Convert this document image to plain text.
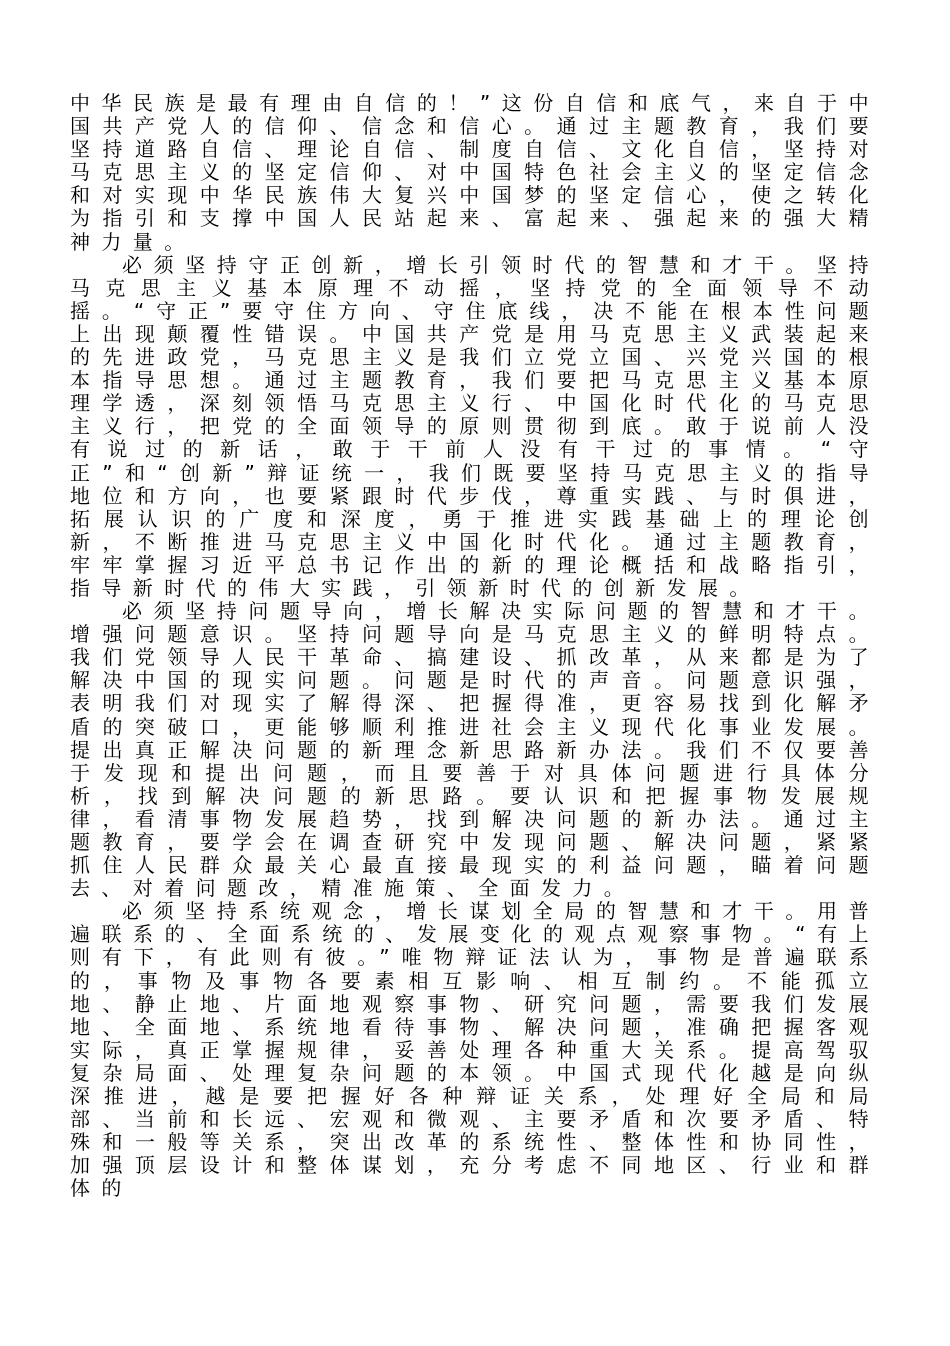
中华民族是最有理由自信的！”这份自信和底气，来自于中国共产党人的信仰、信念和信心。通过主题教育，我们要坚持道路自信、理论自信、制度自信、文化自信，坚持对马克思主义的坚定信仰、对中国特色社会主义的坚定信念和对实现中华民族伟大复兴中国梦的坚定信心，使之转化为指引和支撑中国人民站起来、富起来、强起来的强大精神力量。

必须坚持守正创新，增长引领时代的智慧和才干。坚持马克思主义基本原理不动摇，坚持党的全面领导不动摇。“守正”要守住方向、守住底线，决不能在根本性问题上出现颠覆性错误。中国共产党是用马克思主义武装起来的先进政党，马克思主义是我们立党立国、兴党兴国的根本指导思想。通过主题教育，我们要把马克思主义基本原理学透，深刻领悟马克思主义行、中国化时代化的马克思主义行，把党的全面领导的原则贯彻到底。敢于说前人没有说过的新话，敢于干前人没有干过的事情。“守正”和“创新”辩证统一，我们既要坚持马克思主义的指导地位和方向，也要紧跟时代步伐，尊重实践、与时俱进，拓展认识的广度和深度，勇于推进实践基础上的理论创新，不断推进马克思主义中国化时代化。通过主题教育，牢牢掌握习近平总书记作出的新的理论概括和战略指引，指导新时代的伟大实践，引领新时代的创新发展。

必须坚持问题导向，增长解决实际问题的智慧和才干。增强问题意识。坚持问题导向是马克思主义的鲜明特点。我们党领导人民干革命、搞建设、抓改革，从来都是为了解决中国的现实问题。问题是时代的声音。问题意识强，表明我们对现实了解得深、把握得准，更容易找到化解矛盾的突破口，更能够顺利推进社会主义现代化事业发展。提出真正解决问题的新理念新思路新办法。我们不仅要善于发现和提出问题，而且要善于对具体问题进行具体分析，找到解决问题的新思路。要认识和把握事物发展规律，看清事物发展趋势，找到解决问题的新办法。通过主题教育，要学会在调查研究中发现问题、解决问题，紧紧抓住人民群众最关心最直接最现实的利益问题，瞄着问题去、对着问题改，精准施策、全面发力。

必须坚持系统观念，增长谋划全局的智慧和才干。用普遍联系的、全面系统的、发展变化的观点观察事物。“有上则有下，有此则有彼。”唯物辩证法认为，事物是普遍联系的，事物及事物各要素相互影响、相互制约。不能孤立地、静止地、片面地观察事物、研究问题，需要我们发展地、全面地、系统地看待事物、解决问题，准确把握客观实际，真正掌握规律，妥善处理各种重大关系。提高驾驭复杂局面、处理复杂问题的本领。中国式现代化越是向纵深推进，越是要把握好各种辩证关系，处理好全局和局部、当前和长远、宏观和微观、主要矛盾和次要矛盾、特殊和一般等关系，突出改革的系统性、整体性和协同性，加强顶层设计和整体谋划，充分考虑不同地区、行业和群体的
